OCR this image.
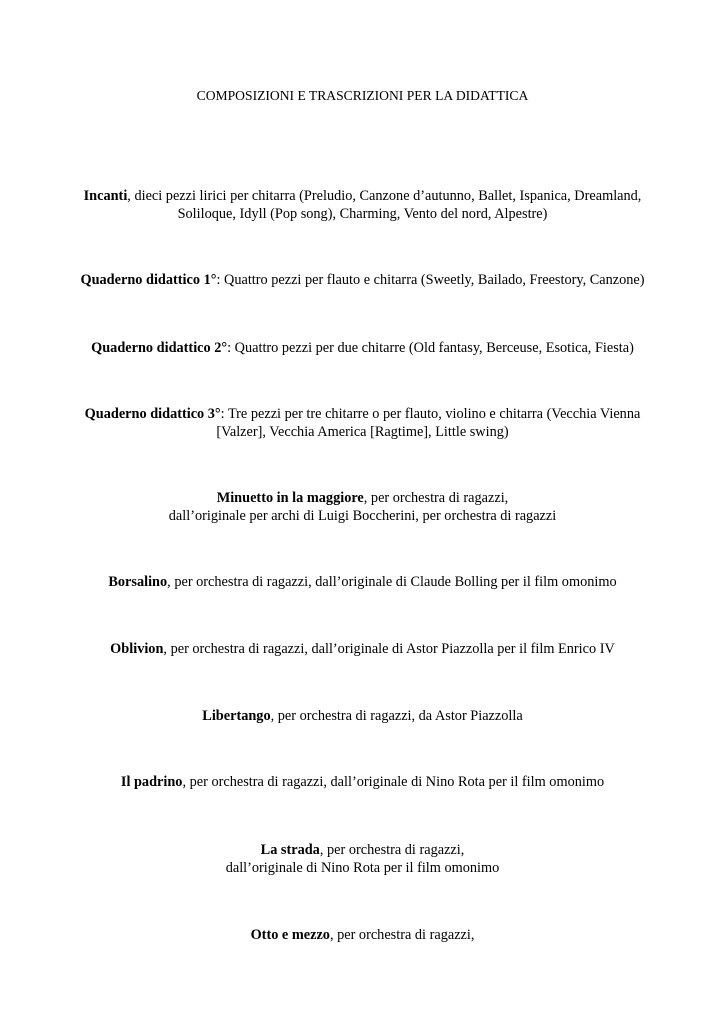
COMPOSIZIONI E TRASCRIZIONI PER LA DIDATTICA
Incanti, dieci pezzi lirici per chitarra (Preludio, Canzone d’autunno, Ballet, Ispanica, Dreamland,
Soliloque, Idyll (Pop song), Charming, Vento del nord, Alpestre)
Quaderno didattico 1°: Quattro pezzi per flauto e chitarra (Sweetly, Bailado, Freestory, Canzone)
Quaderno didattico 2°: Quattro pezzi per due chitarre (Old fantasy, Berceuse, Esotica, Fiesta)
Quaderno didattico 3°: Tre pezzi per tre chitarre o per flauto, violino e chitarra (Vecchia Vienna
[Valzer], Vecchia America [Ragtime], Little swing)
Minuetto in la maggiore, per orchestra di ragazzi,
dall’originale per archi di Luigi Boccherini, per orchestra di ragazzi
Borsalino, per orchestra di ragazzi, dall’originale di Claude Bolling per il film omonimo
Oblivion, per orchestra di ragazzi, dall’originale di Astor Piazzolla per il film Enrico IV
Libertango, per orchestra di ragazzi, da Astor Piazzolla
Il padrino, per orchestra di ragazzi, dall’originale di Nino Rota per il film omonimo
La strada, per orchestra di ragazzi,
dall’originale di Nino Rota per il film omonimo
Otto e mezzo, per orchestra di ragazzi,
